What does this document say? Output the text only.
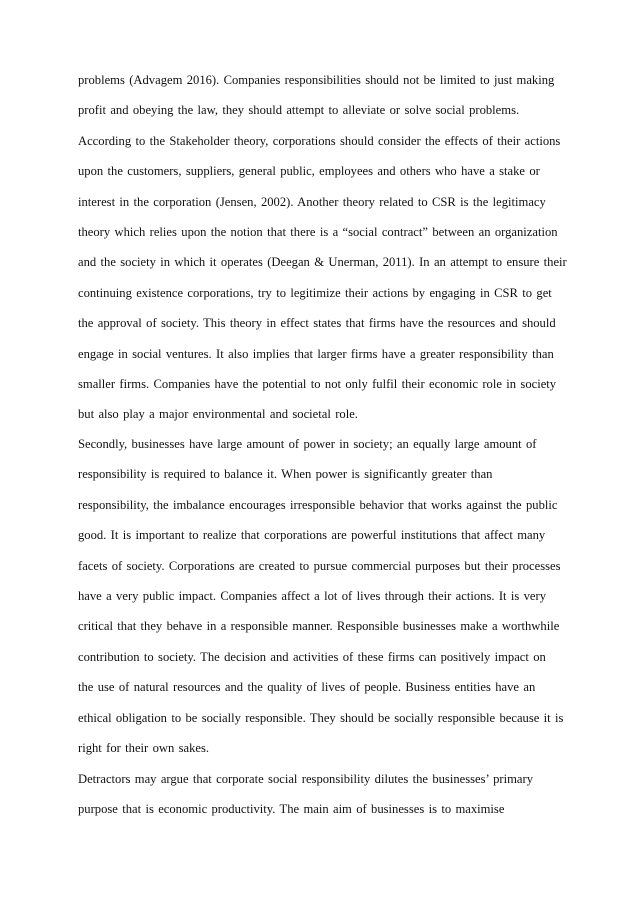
problems (Advagem 2016). Companies responsibilities should not be limited to just making
profit and obeying the law, they should attempt to alleviate or solve social problems.
According to the Stakeholder theory, corporations should consider the effects of their actions
upon the customers, suppliers, general public, employees and others who have a stake or
interest in the corporation (Jensen, 2002). Another theory related to CSR is the legitimacy
theory which relies upon the notion that there is a “social contract” between an organization
and the society in which it operates (Deegan & Unerman, 2011). In an attempt to ensure their
continuing existence corporations, try to legitimize their actions by engaging in CSR to get
the approval of society. This theory in effect states that firms have the resources and should
engage in social ventures. It also implies that larger firms have a greater responsibility than
smaller firms. Companies have the potential to not only fulfil their economic role in society
but also play a major environmental and societal role.
Secondly, businesses have large amount of power in society; an equally large amount of
responsibility is required to balance it. When power is significantly greater than
responsibility, the imbalance encourages irresponsible behavior that works against the public
good. It is important to realize that corporations are powerful institutions that affect many
facets of society. Corporations are created to pursue commercial purposes but their processes
have a very public impact. Companies affect a lot of lives through their actions. It is very
critical that they behave in a responsible manner. Responsible businesses make a worthwhile
contribution to society. The decision and activities of these firms can positively impact on
the use of natural resources and the quality of lives of people. Business entities have an
ethical obligation to be socially responsible. They should be socially responsible because it is
right for their own sakes.
Detractors may argue that corporate social responsibility dilutes the businesses’ primary
purpose that is economic productivity. The main aim of businesses is to maximise
